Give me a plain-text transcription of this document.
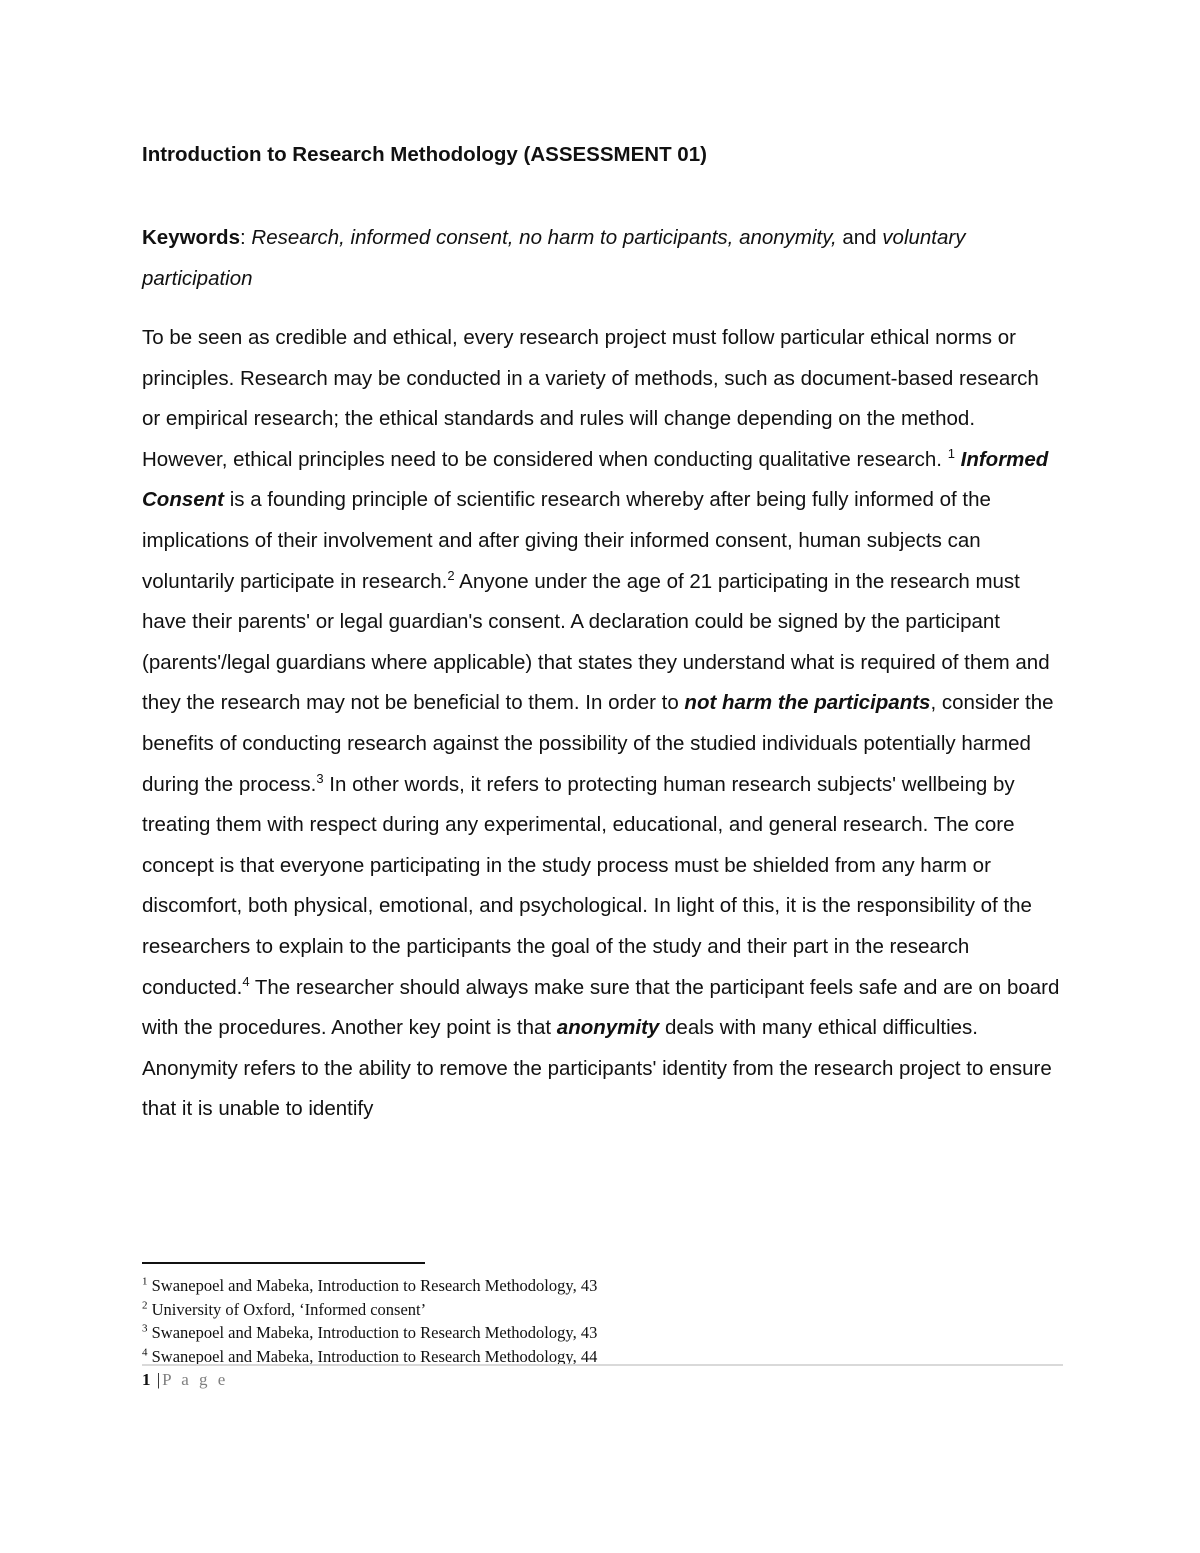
Introduction to Research Methodology (ASSESSMENT 01)

Keywords: Research, informed consent, no harm to participants, anonymity, and voluntary participation

To be seen as credible and ethical, every research project must follow particular ethical norms or principles. Research may be conducted in a variety of methods, such as document-based research or empirical research; the ethical standards and rules will change depending on the method. However, ethical principles need to be considered when conducting qualitative research. $^1$ Informed Consent is a founding principle of scientific research whereby after being fully informed of the implications of their involvement and after giving their informed consent, human subjects can voluntarily participate in research.$^2$ Anyone under the age of 21 participating in the research must have their parents' or legal guardian's consent. A declaration could be signed by the participant (parents'/legal guardians where applicable) that states they understand what is required of them and they the research may not be beneficial to them. In order to not harm the participants, consider the benefits of conducting research against the possibility of the studied individuals potentially harmed during the process.$^3$ In other words, it refers to protecting human research subjects' wellbeing by treating them with respect during any experimental, educational, and general research. The core concept is that everyone participating in the study process must be shielded from any harm or discomfort, both physical, emotional, and psychological. In light of this, it is the responsibility of the researchers to explain to the participants the goal of the study and their part in the research conducted.$^4$ The researcher should always make sure that the participant feels safe and are on board with the procedures. Another key point is that anonymity deals with many ethical difficulties. Anonymity refers to the ability to remove the participants' identity from the research project to ensure that it is unable to identify

$^1$ Swanepoel and Mabeka, Introduction to Research Methodology, 43
$^2$ University of Oxford, ‘Informed consent’
$^3$ Swanepoel and Mabeka, Introduction to Research Methodology, 43
$^4$ Swanepoel and Mabeka, Introduction to Research Methodology, 44
1 | P a g e
